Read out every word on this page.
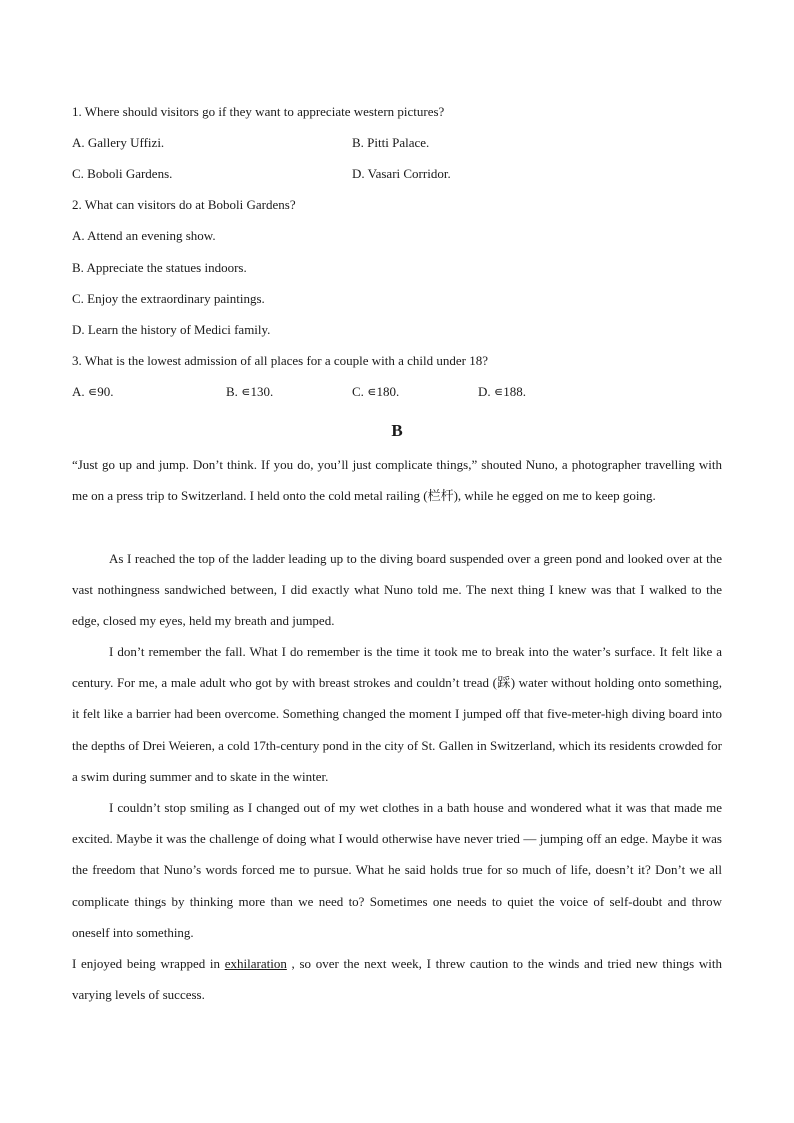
1. Where should visitors go if they want to appreciate western pictures?
A. Gallery Uffizi.	B. Pitti Palace.
C. Boboli Gardens.	D. Vasari Corridor.
2. What can visitors do at Boboli Gardens?
A. Attend an evening show.
B. Appreciate the statues indoors.
C. Enjoy the extraordinary paintings.
D. Learn the history of Medici family.
3. What is the lowest admission of all places for a couple with a child under 18?
A. ∊90.	B. ∊130.	C. ∊180.	D. ∊188.
B
“Just go up and jump. Don’t think. If you do, you’ll just complicate things,” shouted Nuno, a photographer travelling with me on a press trip to Switzerland. I held onto the cold metal railing (栏杆), while he egged on me to keep going.
As I reached the top of the ladder leading up to the diving board suspended over a green pond and looked over at the vast nothingness sandwiched between, I did exactly what Nuno told me. The next thing I knew was that I walked to the edge, closed my eyes, held my breath and jumped.
I don’t remember the fall. What I do remember is the time it took me to break into the water’s surface. It felt like a century. For me, a male adult who got by with breast strokes and couldn’t tread (踩) water without holding onto something, it felt like a barrier had been overcome. Something changed the moment I jumped off that five-meter-high diving board into the depths of Drei Weieren, a cold 17th-century pond in the city of St. Gallen in Switzerland, which its residents crowded for a swim during summer and to skate in the winter.
I couldn’t stop smiling as I changed out of my wet clothes in a bath house and wondered what it was that made me excited. Maybe it was the challenge of doing what I would otherwise have never tried — jumping off an edge. Maybe it was the freedom that Nuno’s words forced me to pursue. What he said holds true for so much of life, doesn’t it? Don’t we all complicate things by thinking more than we need to? Sometimes one needs to quiet the voice of self-doubt and throw oneself into something.
I enjoyed being wrapped in exhilaration , so over the next week, I threw caution to the winds and tried new things with varying levels of success.
